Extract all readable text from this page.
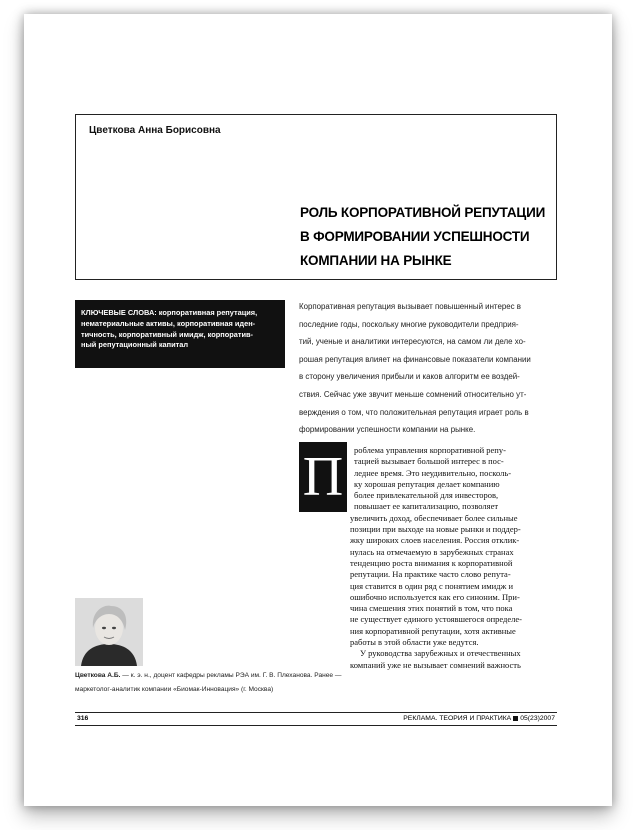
Цветкова Анна Борисовна
РОЛЬ КОРПОРАТИВНОЙ РЕПУТАЦИИ
В ФОРМИРОВАНИИ УСПЕШНОСТИ
КОМПАНИИ НА РЫНКЕ
КЛЮЧЕВЫЕ СЛОВА: корпоративная репутация,
нематериальные активы, корпоративная иден-
тичность, корпоративный имидж, корпоратив-
ный репутационный капитал
Корпоративная репутация вызывает повышенный интерес в
последние годы, поскольку многие руководители предприя-
тий, ученые и аналитики интересуются, на самом ли деле хо-
рошая репутация влияет на финансовые показатели компании
в сторону увеличения прибыли и каков алгоритм ее воздей-
ствия. Сейчас уже звучит меньше сомнений относительно ут-
верждения о том, что положительная репутация играет роль в
формировании успешности компании на рынке.
П	роблема управления корпоративной репу-
тацией вызывает большой интерес в пос-
леднее время. Это неудивительно, посколь-
ку хорошая репутация делает компанию
более привлекательной для инвесторов,
повышает ее капитализацию, позволяет
увеличить доход, обеспечивает более сильные
позиции при выходе на новые рынки и поддер-
жку широких слоев населения. Россия отклик-
нулась на отмечаемую в зарубежных странах
тенденцию роста внимания к корпоративной
репутации. На практике часто слово репута-
ция ставится в один ряд с понятием имидж и
ошибочно используется как его синоним. При-
чина смешения этих понятий в том, что пока
не существует единого устоявшегося определе-
ния корпоративной репутации, хотя активные
работы в этой области уже ведутся.
У руководства зарубежных и отечественных
компаний уже не вызывает сомнений важность
Цветкова А.Б. — к. э. н., доцент кафедры рекламы РЭА им. Г. В. Плеханова. Ранее —
маркетолог-аналитик компании «Биомак-Инновация» (г. Москва)
316	РЕКЛАМА. ТЕОРИЯ И ПРАКТИКА 05(23)2007
